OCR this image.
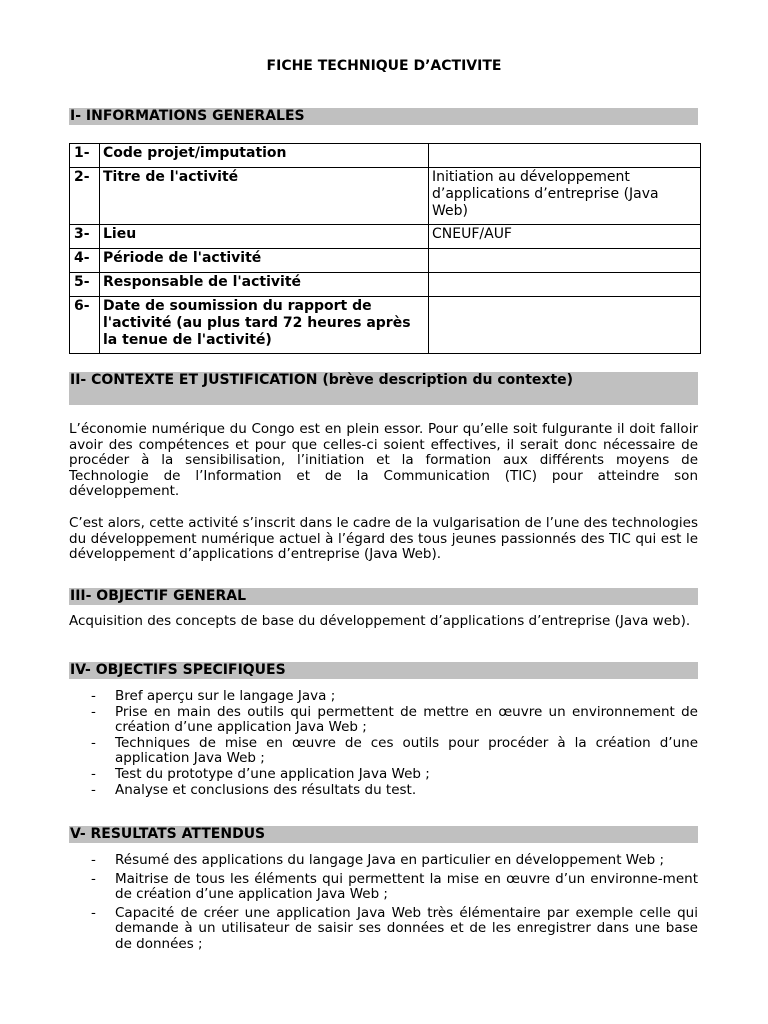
FICHE TECHNIQUE D’ACTIVITE
I- INFORMATIONS GENERALES
1-	Code projet/imputation	
2-	Titre de l'activité	Initiation au développement d’applications d’entreprise (Java Web)
3-	Lieu	CNEUF/AUF
4-	Période de l'activité	
5-	Responsable de l'activité	
6-	Date de soumission du rapport de l'activité (au plus tard 72 heures après la tenue de l'activité)	
II- CONTEXTE ET JUSTIFICATION (brève description du contexte)
L’économie numérique du Congo est en plein essor. Pour qu’elle soit fulgurante il doit falloir avoir des compétences et pour que celles-ci soient effectives, il serait donc nécessaire de procéder à la sensibilisation, l’initiation et la formation aux différents moyens de Technologie de l’Information et de la Communication (TIC) pour atteindre son développement.
C’est alors, cette activité s’inscrit dans le cadre de la vulgarisation de l’une des technologies du développement numérique actuel à l’égard des tous jeunes passionnés des TIC qui est le développement d’applications d’entreprise (Java Web).
III- OBJECTIF GENERAL
Acquisition des concepts de base du développement d’applications d’entreprise (Java web).
IV- OBJECTIFS SPECIFIQUES
- Bref aperçu sur le langage Java ;
- Prise en main des outils qui permettent de mettre en œuvre un environnement de création d’une application Java Web ;
- Techniques de mise en œuvre de ces outils pour procéder à la création d’une application Java Web ;
- Test du prototype d’une application Java Web ;
- Analyse et conclusions des résultats du test.
V- RESULTATS ATTENDUS
- Résumé des applications du langage Java en particulier en développement Web ;
- Maitrise de tous les éléments qui permettent la mise en œuvre d’un environne-ment de création d’une application Java Web ;
- Capacité de créer une application Java Web très élémentaire par exemple celle qui demande à un utilisateur de saisir ses données et de les enregistrer dans une base de données ;
